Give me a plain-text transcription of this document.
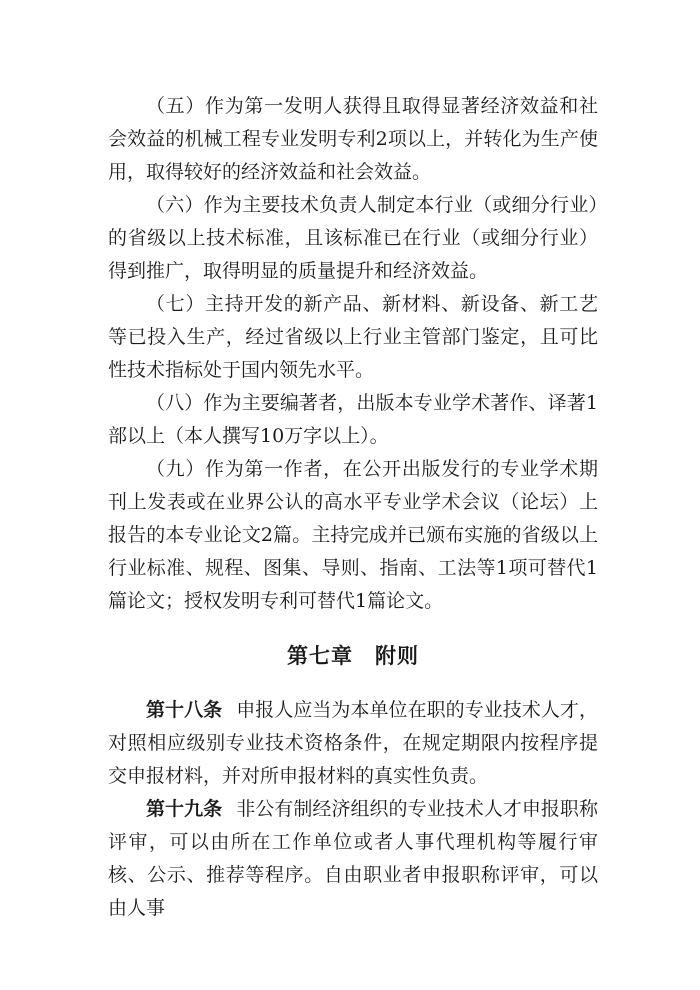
（五）作为第一发明人获得且取得显著经济效益和社会效益的机械工程专业发明专利2项以上，并转化为生产使用，取得较好的经济效益和社会效益。

（六）作为主要技术负责人制定本行业（或细分行业）的省级以上技术标准，且该标准已在行业（或细分行业）得到推广，取得明显的质量提升和经济效益。

（七）主持开发的新产品、新材料、新设备、新工艺等已投入生产，经过省级以上行业主管部门鉴定，且可比性技术指标处于国内领先水平。

（八）作为主要编著者，出版本专业学术著作、译著1部以上（本人撰写10万字以上）。

（九）作为第一作者，在公开出版发行的专业学术期刊上发表或在业界公认的高水平专业学术会议（论坛）上报告的本专业论文2篇。主持完成并已颁布实施的省级以上行业标准、规程、图集、导则、指南、工法等1项可替代1篇论文；授权发明专利可替代1篇论文。

第七章 附则

第十八条 申报人应当为本单位在职的专业技术人才，对照相应级别专业技术资格条件，在规定期限内按程序提交申报材料，并对所申报材料的真实性负责。

第十九条 非公有制经济组织的专业技术人才申报职称评审，可以由所在工作单位或者人事代理机构等履行审核、公示、推荐等程序。自由职业者申报职称评审，可以由人事
